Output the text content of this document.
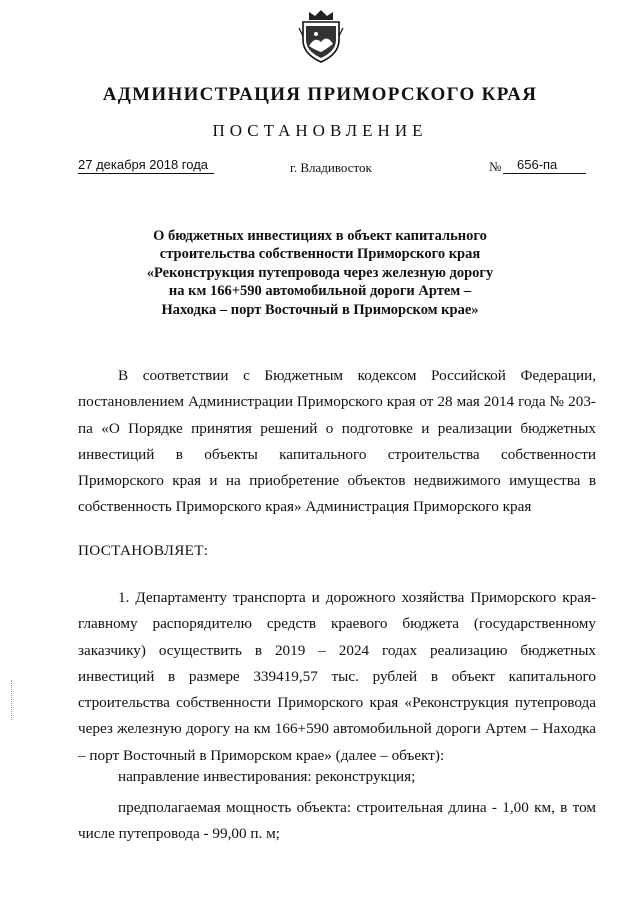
АДМИНИСТРАЦИЯ ПРИМОРСКОГО КРАЯ
ПОСТАНОВЛЕНИЕ
27 декабря 2018 года	г. Владивосток	№	656-па
О бюджетных инвестициях в объект капитального строительства собственности Приморского края «Реконструкция путепровода через железную дорогу на км 166+590 автомобильной дороги Артем – Находка – порт Восточный в Приморском крае»
В соответствии с Бюджетным кодексом Российской Федерации, постановлением Администрации Приморского края от 28 мая 2014 года № 203-па «О Порядке принятия решений о подготовке и реализации бюджетных инвестиций в объекты капитального строительства собственности Приморского края и на приобретение объектов недвижимого имущества в собственность Приморского края» Администрация Приморского края
ПОСТАНОВЛЯЕТ:
1. Департаменту транспорта и дорожного хозяйства Приморского края-главному распорядителю средств краевого бюджета (государственному заказчику) осуществить в 2019 – 2024 годах реализацию бюджетных инвестиций в размере 339419,57 тыс. рублей в объект капитального строительства собственности Приморского края «Реконструкция путепровода через железную дорогу на км 166+590 автомобильной дороги Артем – Находка – порт Восточный в Приморском крае» (далее – объект):
направление инвестирования: реконструкция;
предполагаемая мощность объекта: строительная длина - 1,00 км, в том числе путепровода - 99,00 п. м;
